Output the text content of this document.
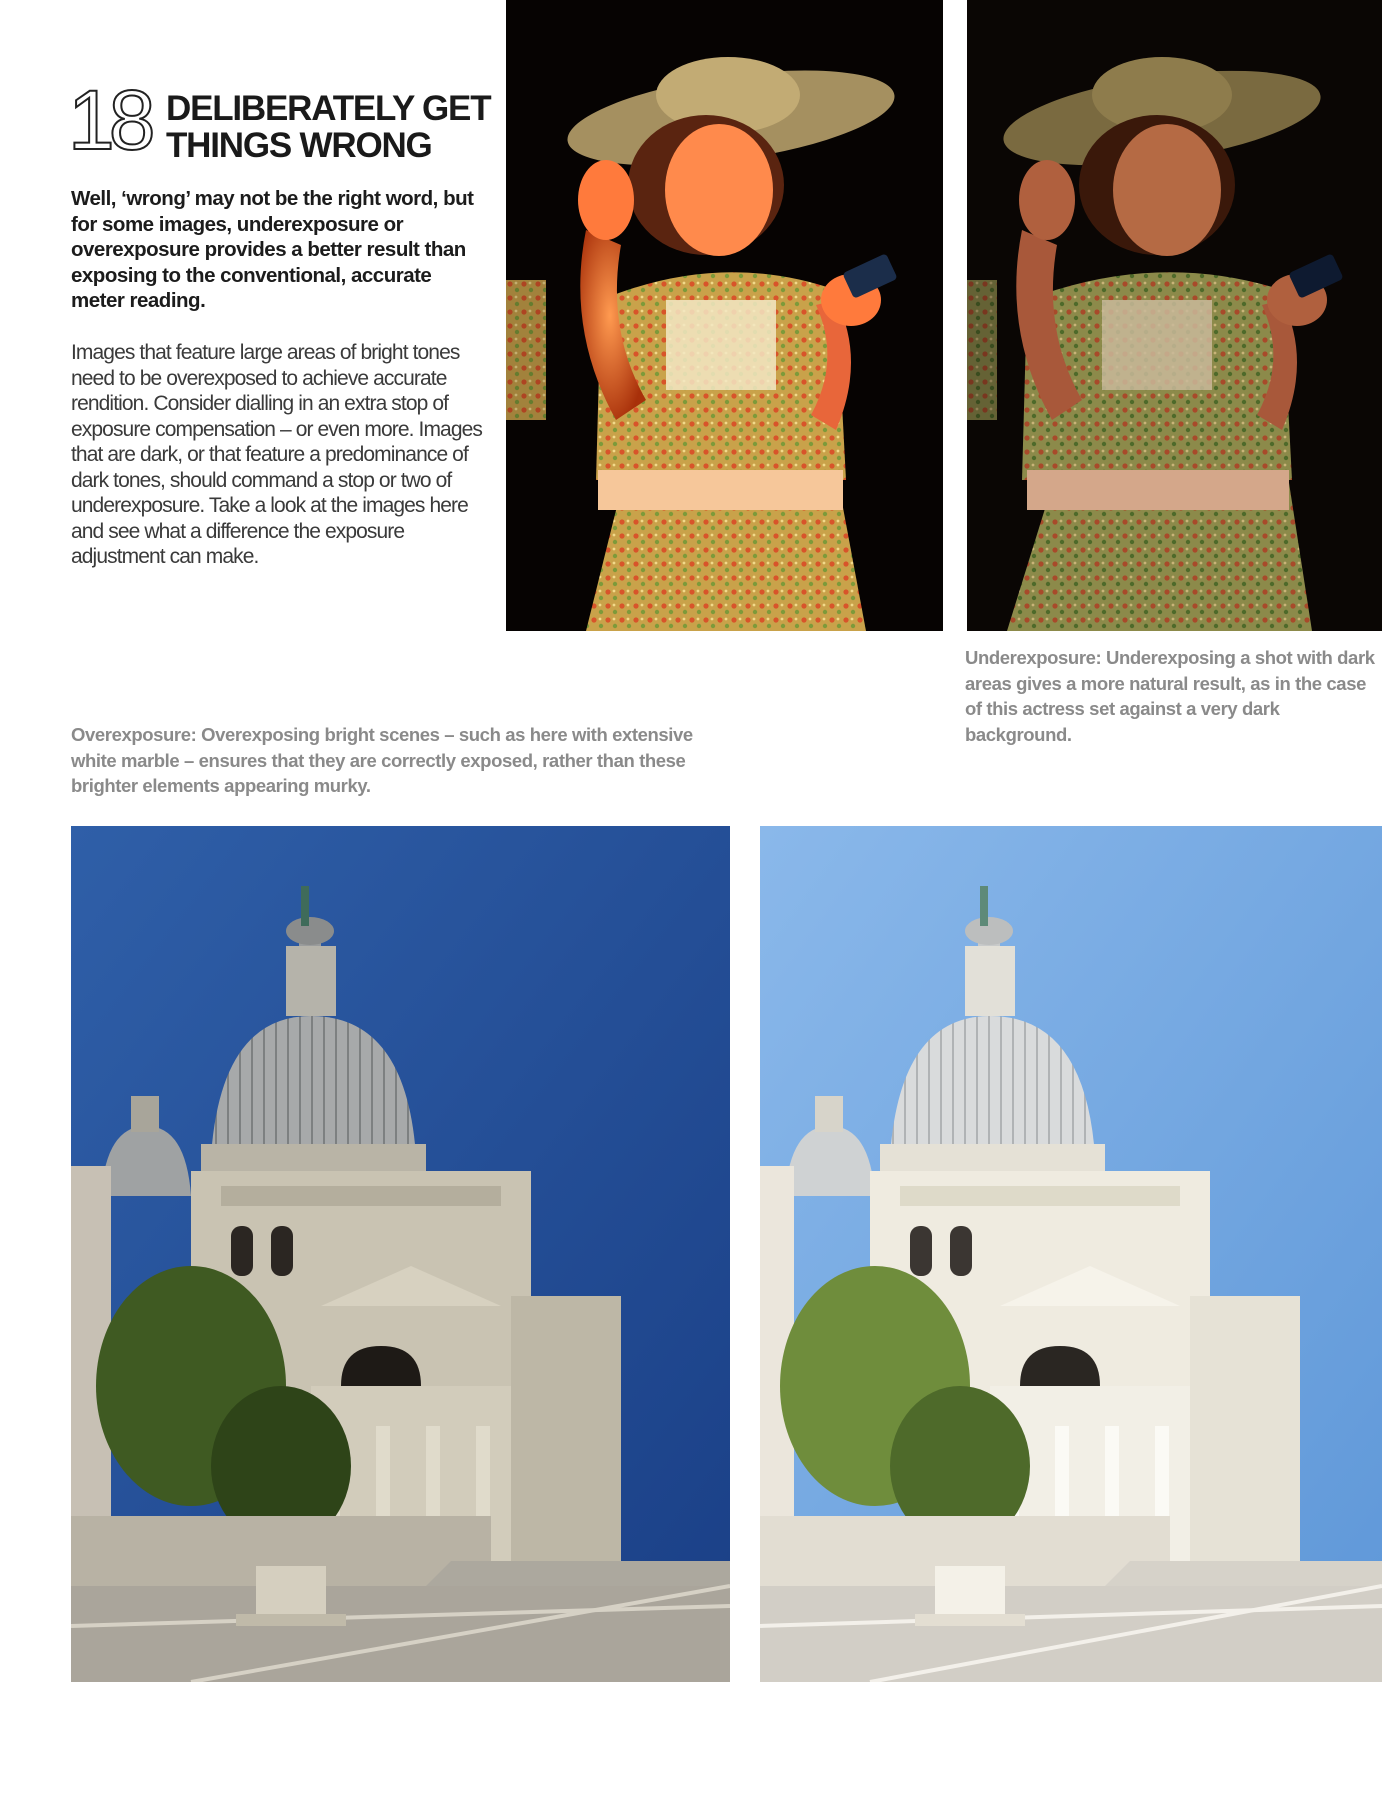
18 DELIBERATELY GET
THINGS WRONG
Well, ‘wrong’ may not be the right word, but for some images, underexposure or overexposure provides a better result than exposing to the conventional, accurate meter reading.
Images that feature large areas of bright tones need to be overexposed to achieve accurate rendition. Consider dialling in an extra stop of exposure compensation – or even more. Images that are dark, or that feature a predominance of dark tones, should command a stop or two of underexposure. Take a look at the images here and see what a difference the exposure adjustment can make.
Underexposure: Underexposing a shot with dark areas gives a more natural result, as in the case of this actress set against a very dark background.
Overexposure: Overexposing bright scenes – such as here with extensive white marble – ensures that they are correctly exposed, rather than these brighter elements appearing murky.
